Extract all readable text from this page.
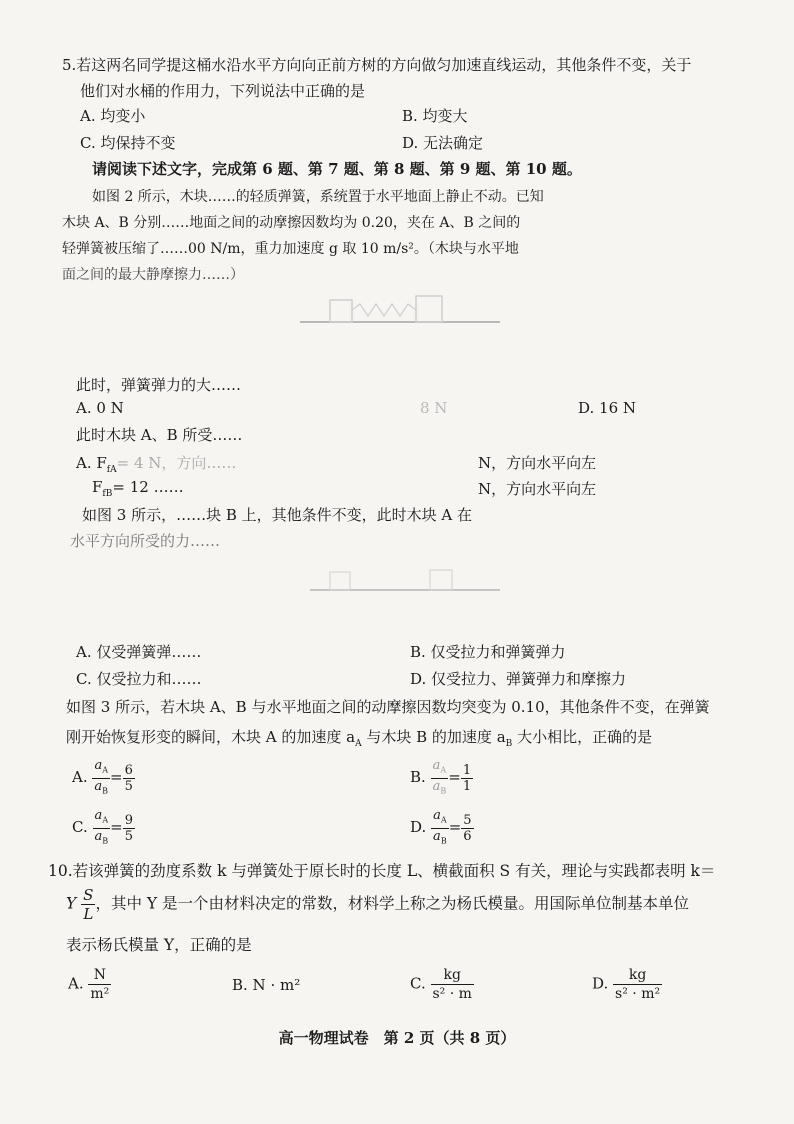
5.若这两名同学提这桶水沿水平方向向正前方树的方向做匀加速直线运动，其他条件不变，关于
他们对水桶的作用力，下列说法中正确的是
A. 均变小	B. 均变大
C. 均保持不变	D. 无法确定
请阅读下述文字，完成第 6 题、第 7 题、第 8 题、第 9 题、第 10 题。
如图 2 所示，木块……的轻质弹簧，系统置于水平地面上静止不动。已知
木块 A、B 分别……地面之间的动摩擦因数均为 0.20，夹在 A、B 之间的
轻弹簧被压缩了……00 N/m，重力加速度 g 取 10 m/s²。（木块与水平地
面之间的最大静摩擦力……）
此时，弹簧弹力的大……
A. 0 N	8 N	D. 16 N
此时木块 A、B 所受……
A. $F_{fA}= 4$ N，方向……	N，方向水平向左
$F_{fB}= 12$ ……	N，方向水平向左
如图 3 所示，……块 B 上，其他条件不变，此时木块 A 在
水平方向所受的力……
A. 仅受弹簧弹……	B. 仅受拉力和弹簧弹力
C. 仅受拉力和……	D. 仅受拉力、弹簧弹力和摩擦力
如图 3 所示，若木块 A、B 与水平地面之间的动摩擦因数均突变为 0.10，其他条件不变，在弹簧
刚开始恢复形变的瞬间，木块 A 的加速度 $a_A$ 与木块 B 的加速度 $a_B$ 大小相比，正确的是
A. $\frac{a_A}{a_B} = \frac{6}{5}$	B. $\frac{a_A}{a_B} = \frac{1}{1}$
C. $\frac{a_A}{a_B} = \frac{9}{5}$	D. $\frac{a_A}{a_B} = \frac{5}{6}$
10.若该弹簧的劲度系数 k 与弹簧处于原长时的长度 L、横截面积 S 有关，理论与实践都表明 k＝
Y $\frac{S}{L}$ ，其中 Y 是一个由材料决定的常数，材料学上称之为杨氏模量。用国际单位制基本单位
表示杨氏模量 Y，正确的是
A. $\frac{N}{\text{m²}}$	B. N · m²	C. $\frac{kg}{\text{s² · m}}$	D. $\frac{kg}{\text{s² · m²}}$
高一物理试卷　第 2 页（共 8 页）
